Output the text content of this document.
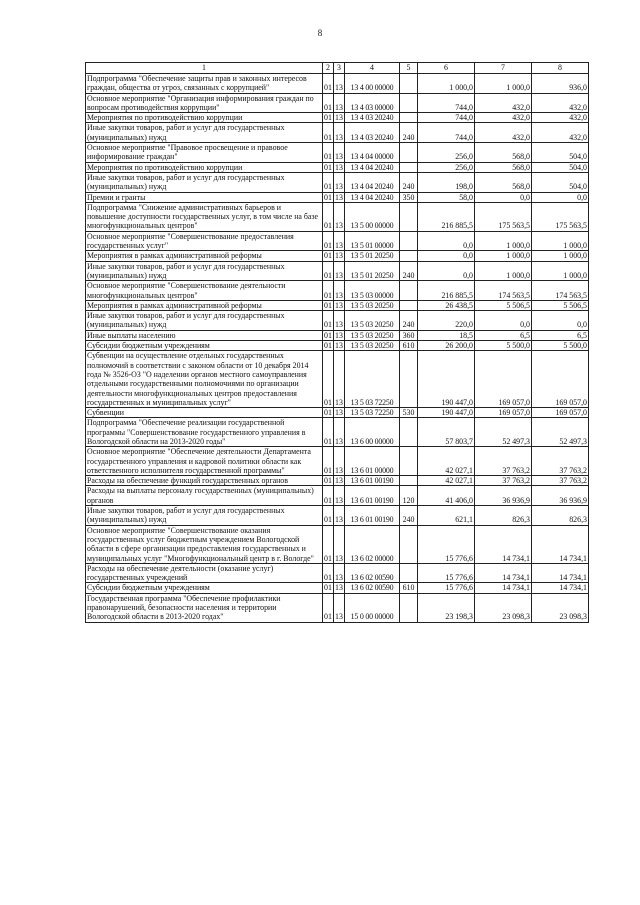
8
1	2	3	4	5	6	7	8
Подпрограмма "Обеспечение защиты прав и законных интересов граждан, общества от угроз, связанных с коррупцией"	01	13	13 4 00 00000		1 000,0	1 000,0	936,0
Основное мероприятие "Организация информирования граждан по вопросам противодействия коррупции"	01	13	13 4 03 00000		744,0	432,0	432,0
Мероприятия по противодействию коррупции	01	13	13 4 03 20240		744,0	432,0	432,0
Иные закупки товаров, работ и услуг для государственных (муниципальных) нужд	01	13	13 4 03 20240	240	744,0	432,0	432,0
Основное мероприятие "Правовое просвещение и правовое информирование граждан"	01	13	13 4 04 00000		256,0	568,0	504,0
Мероприятия по противодействию коррупции	01	13	13 4 04 20240		256,0	568,0	504,0
Иные закупки товаров, работ и услуг для государственных (муниципальных) нужд	01	13	13 4 04 20240	240	198,0	568,0	504,0
Премии и гранты	01	13	13 4 04 20240	350	58,0	0,0	0,0
Подпрограмма "Снижение административных барьеров и повышение доступности государственных услуг, в том числе на базе многофункциональных центров"	01	13	13 5 00 00000		216 885,5	175 563,5	175 563,5
Основное мероприятие "Совершенствование предоставления государственных услуг"	01	13	13 5 01 00000		0,0	1 000,0	1 000,0
Мероприятия в рамках административной реформы	01	13	13 5 01 20250		0,0	1 000,0	1 000,0
Иные закупки товаров, работ и услуг для государственных (муниципальных) нужд	01	13	13 5 01 20250	240	0,0	1 000,0	1 000,0
Основное мероприятие "Совершенствование деятельности многофункциональных центров"	01	13	13 5 03 00000		216 885,5	174 563,5	174 563,5
Мероприятия в рамках административной реформы	01	13	13 5 03 20250		26 438,5	5 506,5	5 506,5
Иные закупки товаров, работ и услуг для государственных (муниципальных) нужд	01	13	13 5 03 20250	240	220,0	0,0	0,0
Иные выплаты населению	01	13	13 5 03 20250	360	18,5	6,5	6,5
Субсидии бюджетным учреждениям	01	13	13 5 03 20250	610	26 200,0	5 500,0	5 500,0
Субвенции на осуществление отдельных государственных полномочий в соответствии с законом области от 10 декабря 2014 года № 3526-ОЗ "О наделении органов местного самоуправления отдельными государственными полномочиями по организации деятельности многофункциональных центров предоставления государственных и муниципальных услуг"	01	13	13 5 03 72250		190 447,0	169 057,0	169 057,0
Субвенции	01	13	13 5 03 72250	530	190 447,0	169 057,0	169 057,0
Подпрограмма "Обеспечение реализации государственной программы "Совершенствование государственного управления в Вологодской области на 2013-2020 годы"	01	13	13 6 00 00000		57 803,7	52 497,3	52 497,3
Основное мероприятие "Обеспечение деятельности Департамента государственного управления и кадровой политики области как ответственного исполнителя государственной программы"	01	13	13 6 01 00000		42 027,1	37 763,2	37 763,2
Расходы на обеспечение функций государственных органов	01	13	13 6 01 00190		42 027,1	37 763,2	37 763,2
Расходы на выплаты персоналу государственных (муниципальных) органов	01	13	13 6 01 00190	120	41 406,0	36 936,9	36 936,9
Иные закупки товаров, работ и услуг для государственных (муниципальных) нужд	01	13	13 6 01 00190	240	621,1	826,3	826,3
Основное мероприятие "Совершенствование оказания государственных услуг бюджетным учреждением Вологодской области в сфере организации предоставления государственных и муниципальных услуг "Многофункциональный центр в г. Вологде"	01	13	13 6 02 00000		15 776,6	14 734,1	14 734,1
Расходы на обеспечение деятельности (оказание услуг) государственных учреждений	01	13	13 6 02 00590		15 776,6	14 734,1	14 734,1
Субсидии бюджетным учреждениям	01	13	13 6 02 00590	610	15 776,6	14 734,1	14 734,1
Государственная программа "Обеспечение профилактики правонарушений, безопасности населения и территории Вологодской области в 2013-2020 годах"	01	13	15 0 00 00000		23 198,3	23 098,3	23 098,3
